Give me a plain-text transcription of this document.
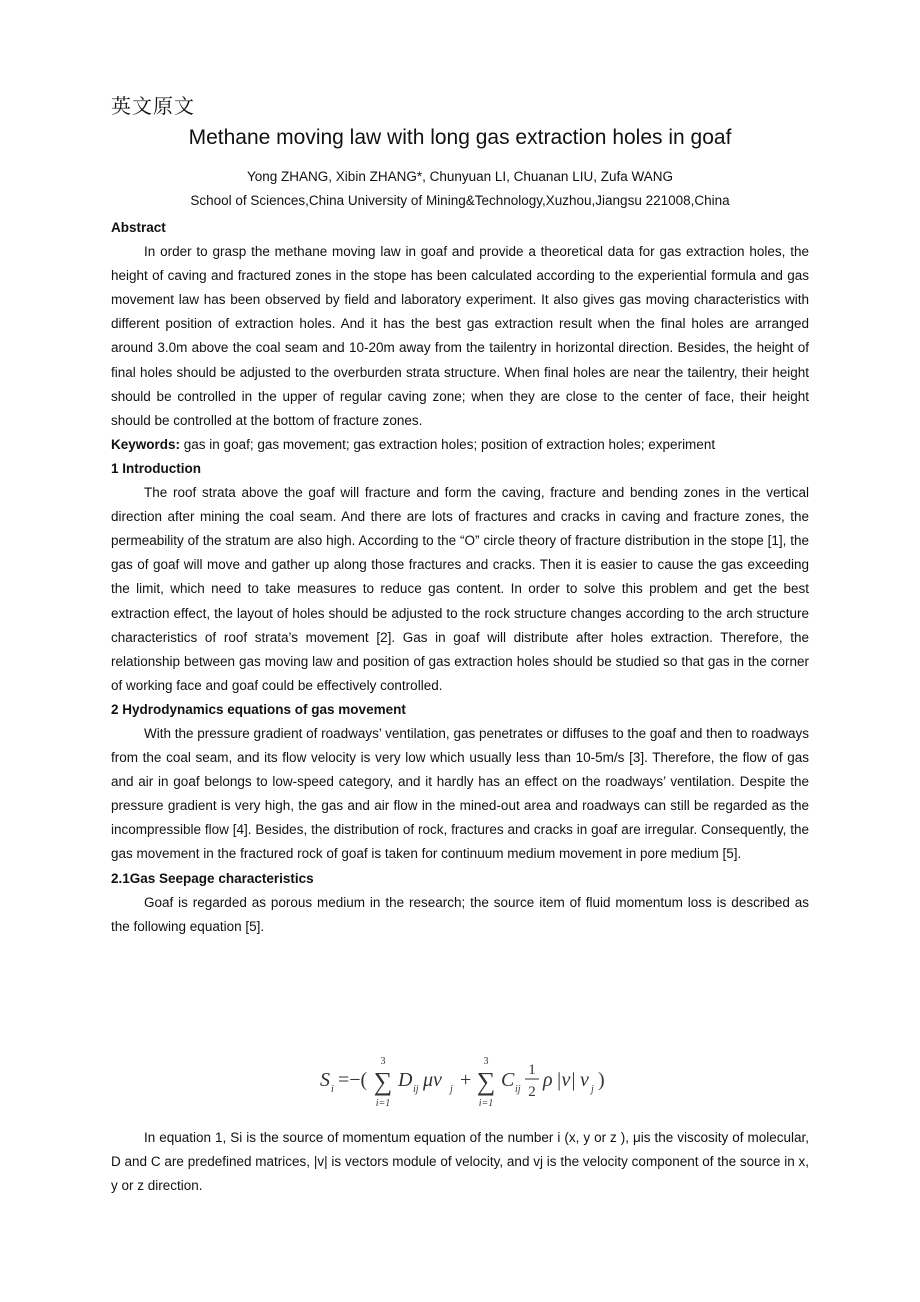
英文原文
Methane moving law with long gas extraction holes in goaf
Yong ZHANG, Xibin ZHANG*, Chunyuan LI, Chuanan LIU, Zufa WANG
School of Sciences,China University of Mining&Technology,Xuzhou,Jiangsu 221008,China

Abstract

In order to grasp the methane moving law in goaf and provide a theoretical data for gas extraction holes, the height of caving and fractured zones in the stope has been calculated according to the experiential formula and gas movement law has been observed by field and laboratory experiment. It also gives gas moving characteristics with different position of extraction holes. And it has the best gas extraction result when the final holes are arranged around 3.0m above the coal seam and 10-20m away from the tailentry in horizontal direction. Besides, the height of final holes should be adjusted to the overburden strata structure. When final holes are near the tailentry, their height should be controlled in the upper of regular caving zone; when they are close to the center of face, their height should be controlled at the bottom of fracture zones.

Keywords: gas in goaf; gas movement; gas extraction holes; position of extraction holes; experiment

1 Introduction

The roof strata above the goaf will fracture and form the caving, fracture and bending zones in the vertical direction after mining the coal seam. And there are lots of fractures and cracks in caving and fracture zones, the permeability of the stratum are also high. According to the “O” circle theory of fracture distribution in the stope [1], the gas of goaf will move and gather up along those fractures and cracks. Then it is easier to cause the gas exceeding the limit, which need to take measures to reduce gas content. In order to solve this problem and get the best extraction effect, the layout of holes should be adjusted to the rock structure changes according to the arch structure characteristics of roof strata’s movement [2]. Gas in goaf will distribute after holes extraction. Therefore, the relationship between gas moving law and position of gas extraction holes should be studied so that gas in the corner of working face and goaf could be effectively controlled.

2 Hydrodynamics equations of gas movement

With the pressure gradient of roadways’ ventilation, gas penetrates or diffuses to the goaf and then to roadways from the coal seam, and its flow velocity is very low which usually less than 10-5m/s [3]. Therefore, the flow of gas and air in goaf belongs to low-speed category, and it hardly has an effect on the roadways’ ventilation. Despite the pressure gradient is very high, the gas and air flow in the mined-out area and roadways can still be regarded as the incompressible flow [4]. Besides, the distribution of rock, fractures and cracks in goaf are irregular. Consequently, the gas movement in the fractured rock of goaf is taken for continuum medium movement in pore medium [5].

2.1Gas Seepage characteristics

Goaf is regarded as porous medium in the research; the source item of fluid momentum loss is described as the following equation [5].

S i =−(
3
∑
i=1
D ij μv j +
3
∑
i=1
C ij
1
2
ρ |v| v j )

In equation 1, Si is the source of momentum equation of the number i (x, y or z ), μis the viscosity of molecular, D and C are predefined matrices, |v| is vectors module of velocity, and vj is the velocity component of the source in x, y or z direction.
